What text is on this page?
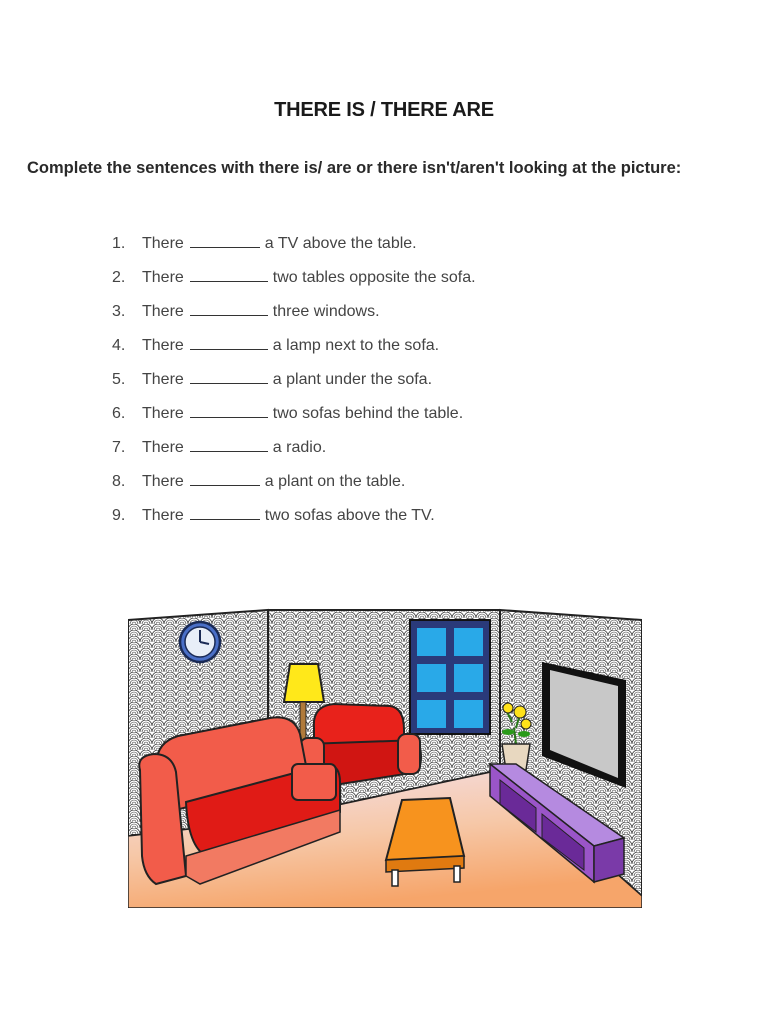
THERE IS / THERE ARE
Complete the sentences with there is/ are or there isn't/aren't looking at the picture:
1. There	a TV above the table.
2. There	two tables opposite the sofa.
3. There	three windows.
4. There	a lamp next to the sofa.
5. There	a plant under the sofa.
6. There	two sofas behind the table.
7. There	a radio.
8. There	a plant on the table.
9. There	two sofas above the TV.
